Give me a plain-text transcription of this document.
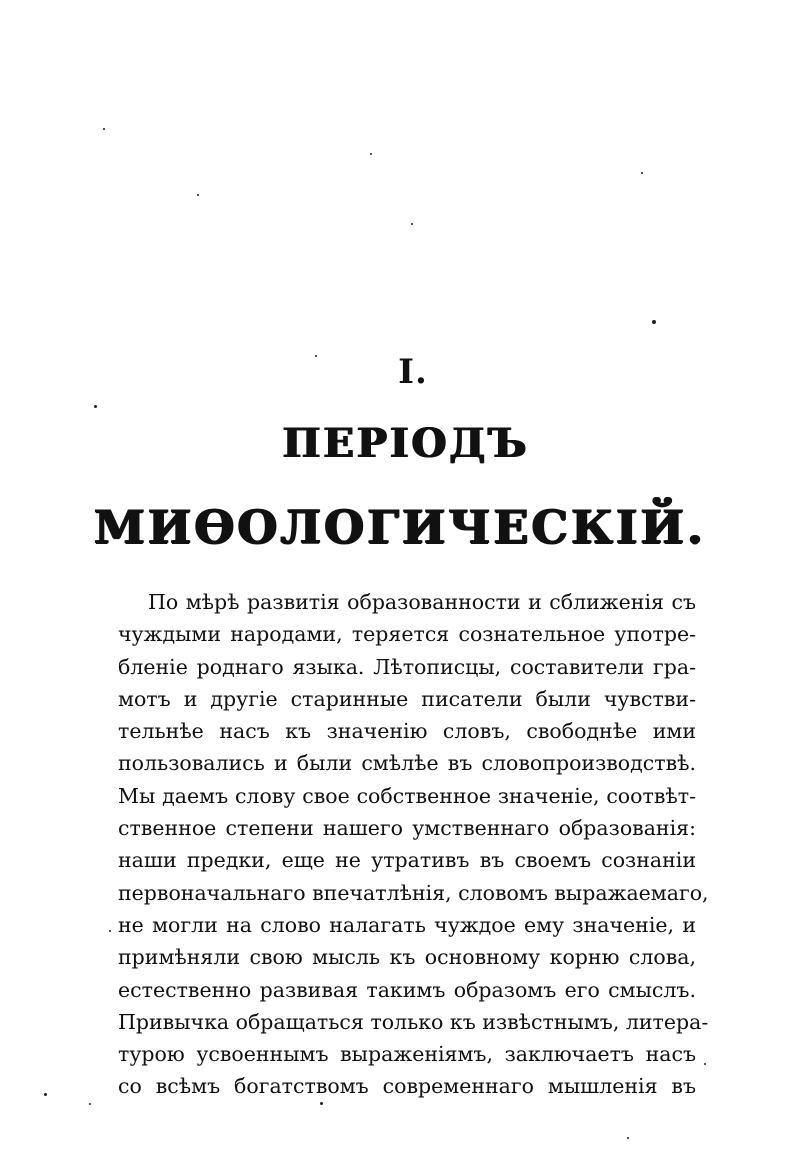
I.
ПЕРІОДЪ
МИѲОЛОГИЧЕСКІЙ.
По мѣрѣ развитія образованности и сближенія съ
чуждыми народами, теряется сознательное употре-
бленіе роднаго языка. Лѣтописцы, составители гра-
мотъ и другіе старинные писатели были чувстви-
тельнѣе насъ къ значенію словъ, свободнѣе ими
пользовались и были смѣлѣе въ словопроизводствѣ.
Мы даемъ слову свое собственное значеніе, соотвѣт-
ственное степени нашего умственнаго образованія:
наши предки, еще не утративъ въ своемъ сознаніи
первоначальнаго впечатлѣнія, словомъ выражаемаго,
не могли на слово налагать чуждое ему значеніе, и
примѣняли свою мысль къ основному корню слова,
естественно развивая такимъ образомъ его смыслъ.
Привычка обращаться только къ извѣстнымъ, литера-
турою усвоеннымъ выраженіямъ, заключаетъ насъ
со всѣмъ богатствомъ современнаго мышленія въ
